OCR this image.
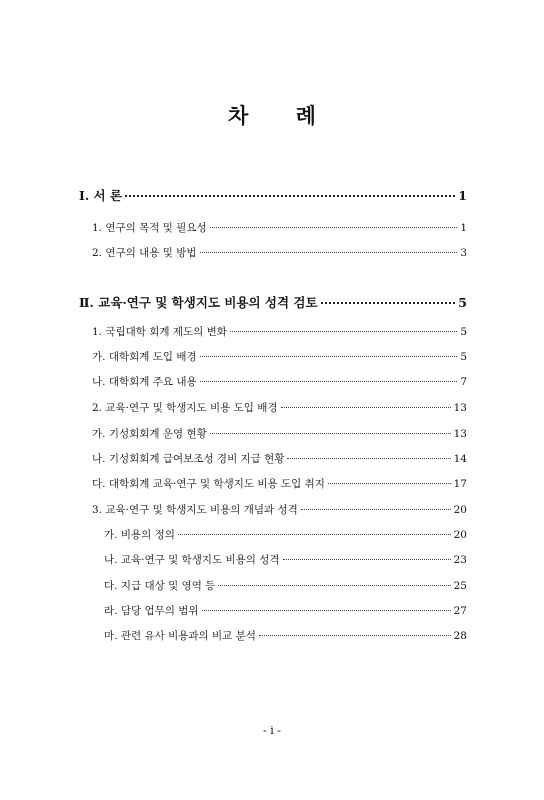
차 례
Ⅰ. 서 론	1
1. 연구의 목적 및 필요성	1
2. 연구의 내용 및 방법	3
Ⅱ. 교육·연구 및 학생지도 비용의 성격 검토	5
1. 국립대학 회계 제도의 변화	5
가. 대학회계 도입 배경	5
나. 대학회계 주요 내용	7
2. 교육·연구 및 학생지도 비용 도입 배경	13
가. 기성회회계 운영 현황	13
나. 기성회회계 급여보조성 경비 지급 현황	14
다. 대학회계 교육·연구 및 학생지도 비용 도입 취지	17
3. 교육·연구 및 학생지도 비용의 개념과 성격	20
가. 비용의 정의	20
나. 교육·연구 및 학생지도 비용의 성격	23
다. 지급 대상 및 영역 등	25
라. 담당 업무의 범위	27
마. 관련 유사 비용과의 비교 분석	28
- i -
